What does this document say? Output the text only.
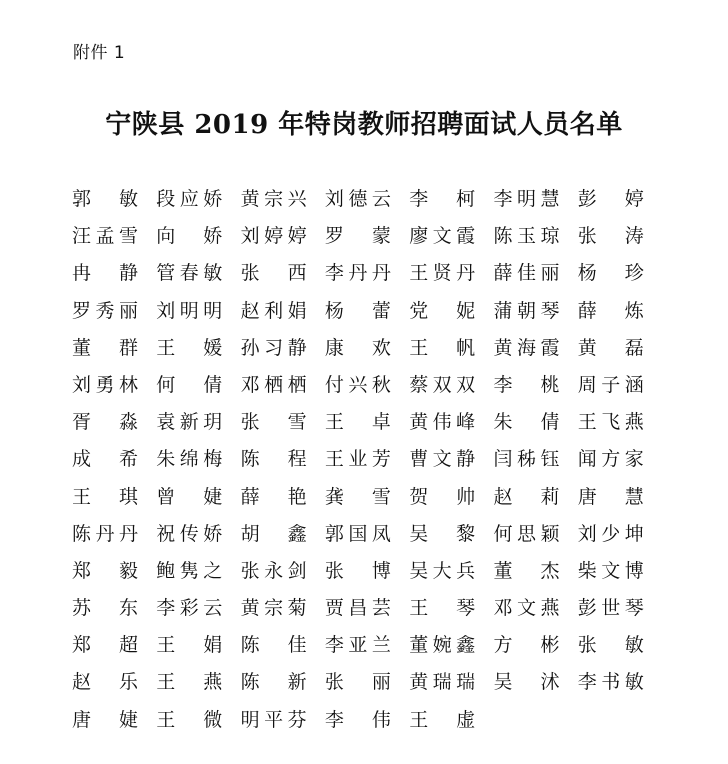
附件 1
宁陕县 2019 年特岗教师招聘面试人员名单
郭 敏 段 应 娇 黄 宗 兴 刘 德 云 李 柯 李 明 慧 彭 婷
汪 孟 雪 向 娇 刘 婷 婷 罗 蒙 廖 文 霞 陈 玉 琼 张 涛
冉 静 管 春 敏 张 西 李 丹 丹 王 贤 丹 薛 佳 丽 杨 珍
罗 秀 丽 刘 明 明 赵 利 娟 杨 蕾 党 妮 蒲 朝 琴 薛 炼
董 群 王 媛 孙 习 静 康 欢 王 帆 黄 海 霞 黄 磊
刘 勇 林 何 倩 邓 栖 栖 付 兴 秋 蔡 双 双 李 桃 周 子 涵
胥 淼 袁 新 玥 张 雪 王 卓 黄 伟 峰 朱 倩 王 飞 燕
成 希 朱 绵 梅 陈 程 王 业 芳 曹 文 静 闫 秭 钰 闻 方 家
王 琪 曾 婕 薛 艳 龚 雪 贺 帅 赵 莉 唐 慧
陈 丹 丹 祝 传 娇 胡 鑫 郭 国 凤 吴 黎 何 思 颖 刘 少 坤
郑 毅 鲍 隽 之 张 永 剑 张 博 吴 大 兵 董 杰 柴 文 博
苏 东 李 彩 云 黄 宗 菊 贾 昌 芸 王 琴 邓 文 燕 彭 世 琴
郑 超 王 娟 陈 佳 李 亚 兰 董 婉 鑫 方 彬 张 敏
赵 乐 王 燕 陈 新 张 丽 黄 瑞 瑞 吴 沭 李 书 敏
唐 婕 王 微 明 平 芬 李 伟 王 虚
